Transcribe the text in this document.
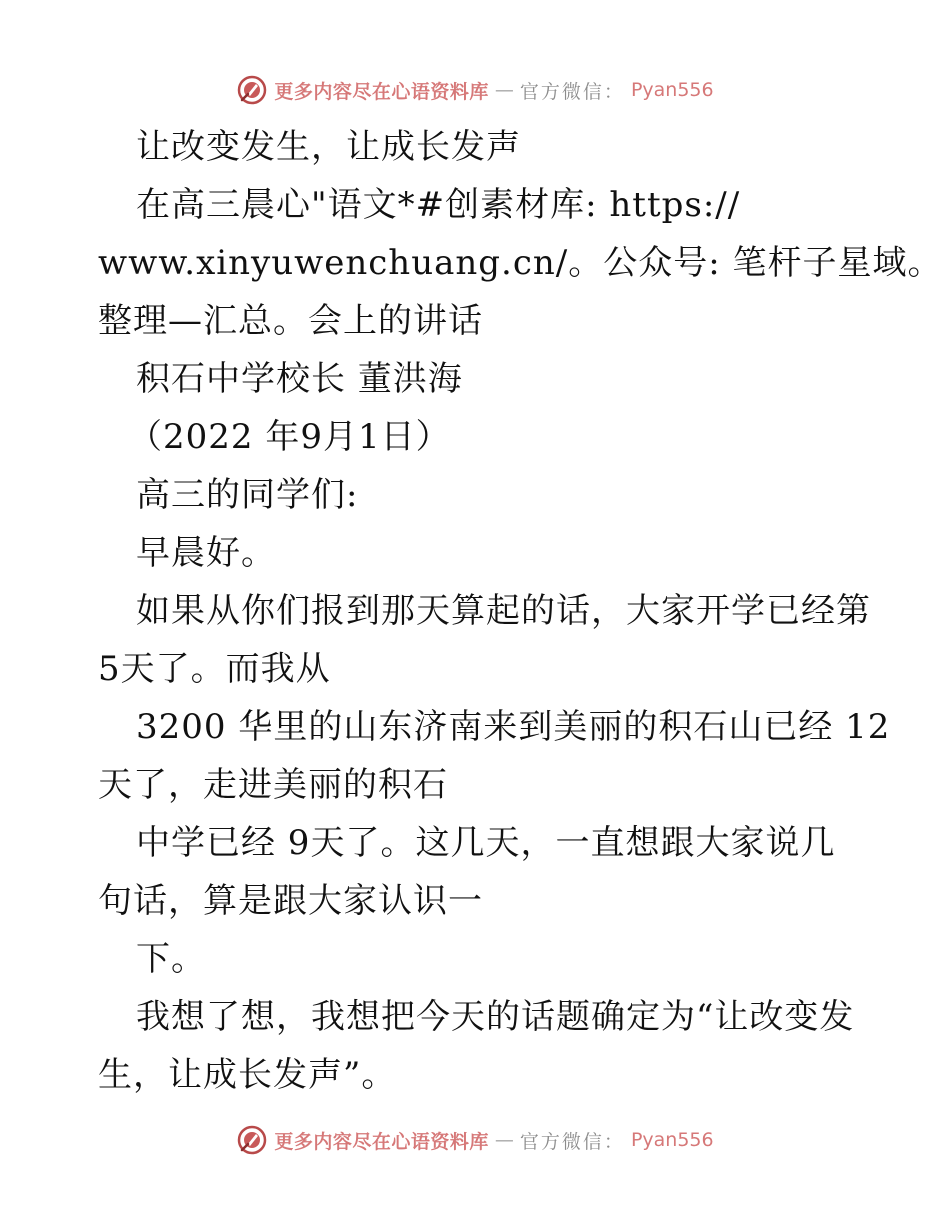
更多内容尽在心语资料库 — 官方微信： Pyan556
让改变发生，让成长发声
在高三晨心"语文*#创素材库: https://
www.xinyuwenchuang.cn/。公众号: 笔杆子星域。
整理—汇总。会上的讲话
积石中学校长 董洪海
（2022 年9月1日）
高三的同学们:
早晨好。
如果从你们报到那天算起的话，大家开学已经第
5天了。而我从
3200 华里的山东济南来到美丽的积石山已经 12
天了，走进美丽的积石
中学已经 9天了。这几天，一直想跟大家说几
句话，算是跟大家认识一
下。
我想了想，我想把今天的话题确定为“让改变发
生，让成长发声”。
更多内容尽在心语资料库 — 官方微信： Pyan556
